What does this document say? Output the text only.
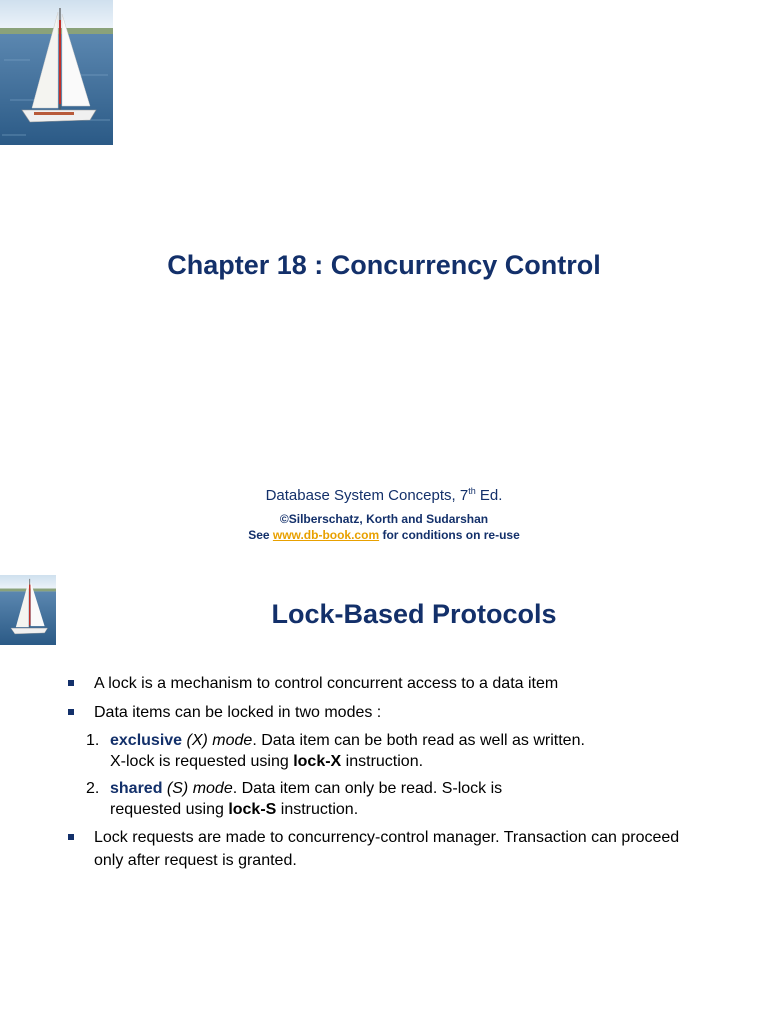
Chapter 18 : Concurrency Control
Database System Concepts, 7th Ed.
©Silberschatz, Korth and Sudarshan
See www.db-book.com for conditions on re-use
Lock-Based Protocols
A lock is a mechanism to control concurrent access to a data item
Data items can be locked in two modes :
1. exclusive (X) mode. Data item can be both read as well as written. X-lock is requested using lock-X instruction.
2. shared (S) mode. Data item can only be read. S-lock is requested using lock-S instruction.
Lock requests are made to concurrency-control manager. Transaction can proceed only after request is granted.
